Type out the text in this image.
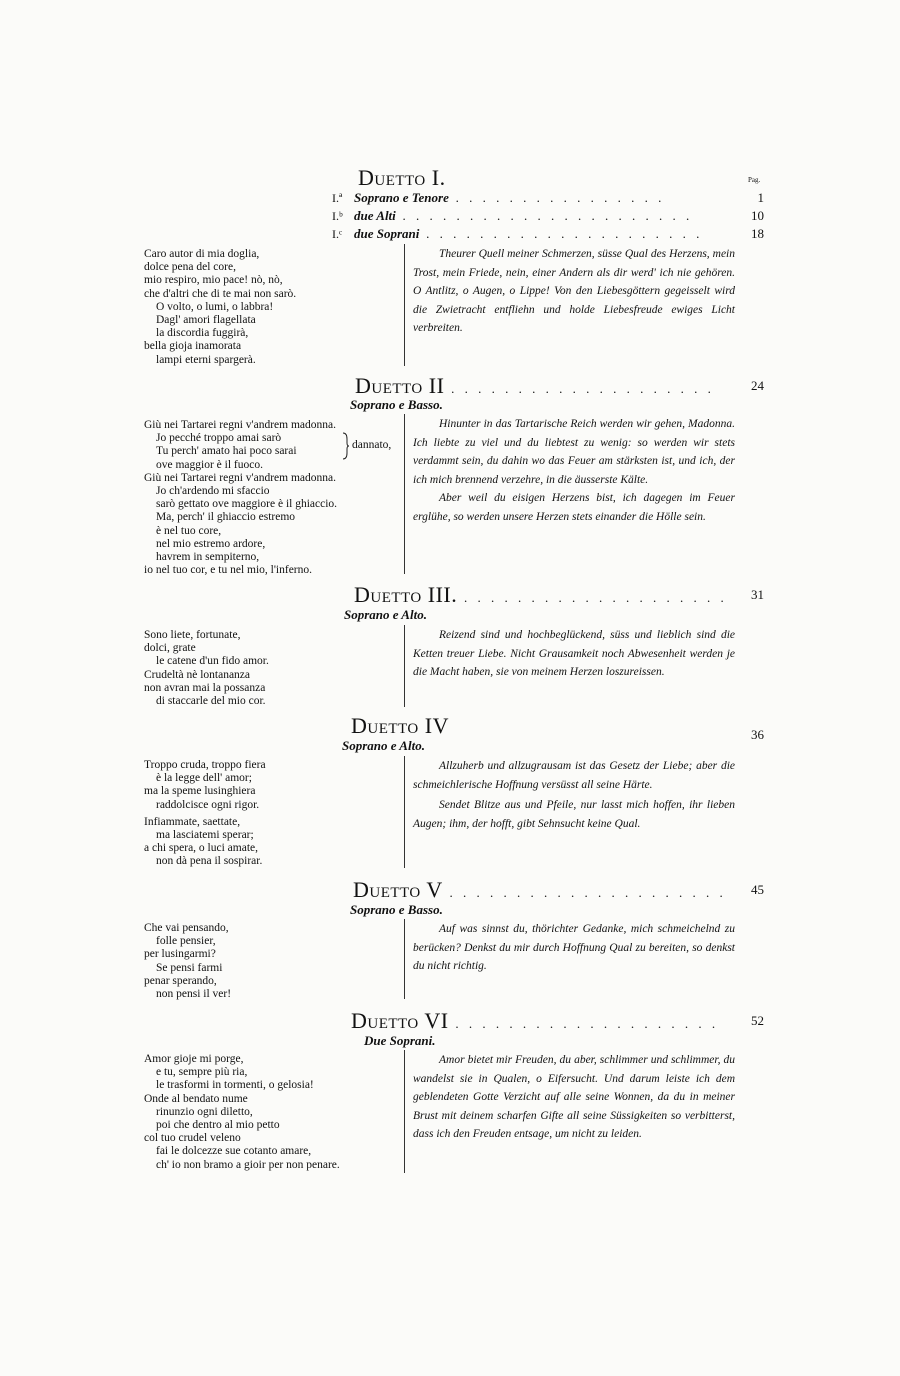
Pag.
Duetto I.
I.ª Soprano e Tenore . . . . . . . . . . . . . . . .	1
I.ᵇ due Alti . . . . . . . . . . . . . . . . . . . . . .	10
I.ᶜ due Soprani . . . . . . . . . . . . . . . . . . . . .	18
Caro autor di mia doglia,
dolce pena del core,
mio respiro, mio pace! nò, nò,
che d'altri che di te mai non sarò.
O volto, o lumi, o labbra!
Dagl' amori flagellata
la discordia fuggirà,
bella gioja inamorata
lampi eterni spargerà.

Theurer Quell meiner Schmerzen, süsse Qual des Herzens, mein Trost, mein Friede, nein, einer Andern als dir werd' ich nie gehören. O Antlitz, o Augen, o Lippe! Von den Liebesgöttern gegeisselt wird die Zwietracht entfliehn und holde Liebesfreude ewiges Licht verbreiten.

Duetto II . . . . . . . . . . . . . . . . . . . .	24
Soprano e Basso.
Giù nei Tartarei regni v'andrem madonna.
Jo pecché troppo amai sarò
Tu perch' amato hai poco sarai
ove maggior è il fuoco.
Giù nei Tartarei regni v'andrem madonna.
Jo ch'ardendo mi sfaccio
sarò gettato ove maggiore è il ghiaccio.
Ma, perch' il ghiaccio estremo
è nel tuo core,
nel mio estremo ardore,
havrem in sempiterno,
io nel tuo cor, e tu nel mio, l'inferno.
dannato,

Hinunter in das Tartarische Reich werden wir gehen, Madonna. Ich liebte zu viel und du liebtest zu wenig: so werden wir stets verdammt sein, du dahin wo das Feuer am stärksten ist, und ich, der ich mich brennend verzehre, in die äusserste Kälte.

Aber weil du eisigen Herzens bist, ich dagegen im Feuer erglühe, so werden unsere Herzen stets einander die Hölle sein.

Duetto III. . . . . . . . . . . . . . . . . . . . . 31
Soprano e Alto.
Sono liete, fortunate,
dolci, grate
le catene d'un fido amor.
Crudeltà nè lontananza
non avran mai la possanza
di staccarle del mio cor.

Reizend sind und hochbeglückend, süss und lieblich sind die Ketten treuer Liebe. Nicht Grausamkeit noch Abwesenheit werden je die Macht haben, sie von meinem Herzen loszureissen.

Duetto IV	36
Soprano e Alto.
Troppo cruda, troppo fiera
è la legge dell' amor;
ma la speme lusinghiera
raddolcisce ogni rigor.
Infiammate, saettate,
ma lasciatemi sperar;
a chi spera, o luci amate,
non dà pena il sospirar.

Allzuherb und allzugrausam ist das Gesetz der Liebe; aber die schmeichlerische Hoffnung versüsst all seine Härte.

Sendet Blitze aus und Pfeile, nur lasst mich hoffen, ihr lieben Augen; ihm, der hofft, gibt Sehnsucht keine Qual.

Duetto V . . . . . . . . . . . . . . . . . . . . . 45
Soprano e Basso.
Che vai pensando,
folle pensier,
per lusingarmi?
Se pensi farmi
penar sperando,
non pensi il ver!

Auf was sinnst du, thörichter Gedanke, mich schmeichelnd zu berücken? Denkst du mir durch Hoffnung Qual zu bereiten, so denkst du nicht richtig.

Duetto VI . . . . . . . . . . . . . . . . . . . . 52
Due Soprani.
Amor gioje mi porge,
e tu, sempre più ria,
le trasformi in tormenti, o gelosia!
Onde al bendato nume
rinunzio ogni diletto,
poi che dentro al mio petto
col tuo crudel veleno
fai le dolcezze sue cotanto amare,
ch' io non bramo a gioir per non penare.

Amor bietet mir Freuden, du aber, schlimmer und schlimmer, du wandelst sie in Qualen, o Eifersucht. Und darum leiste ich dem geblendeten Gotte Verzicht auf alle seine Wonnen, da du in meiner Brust mit deinem scharfen Gifte all seine Süssigkeiten so verbitterst, dass ich den Freuden entsage, um nicht zu leiden.
